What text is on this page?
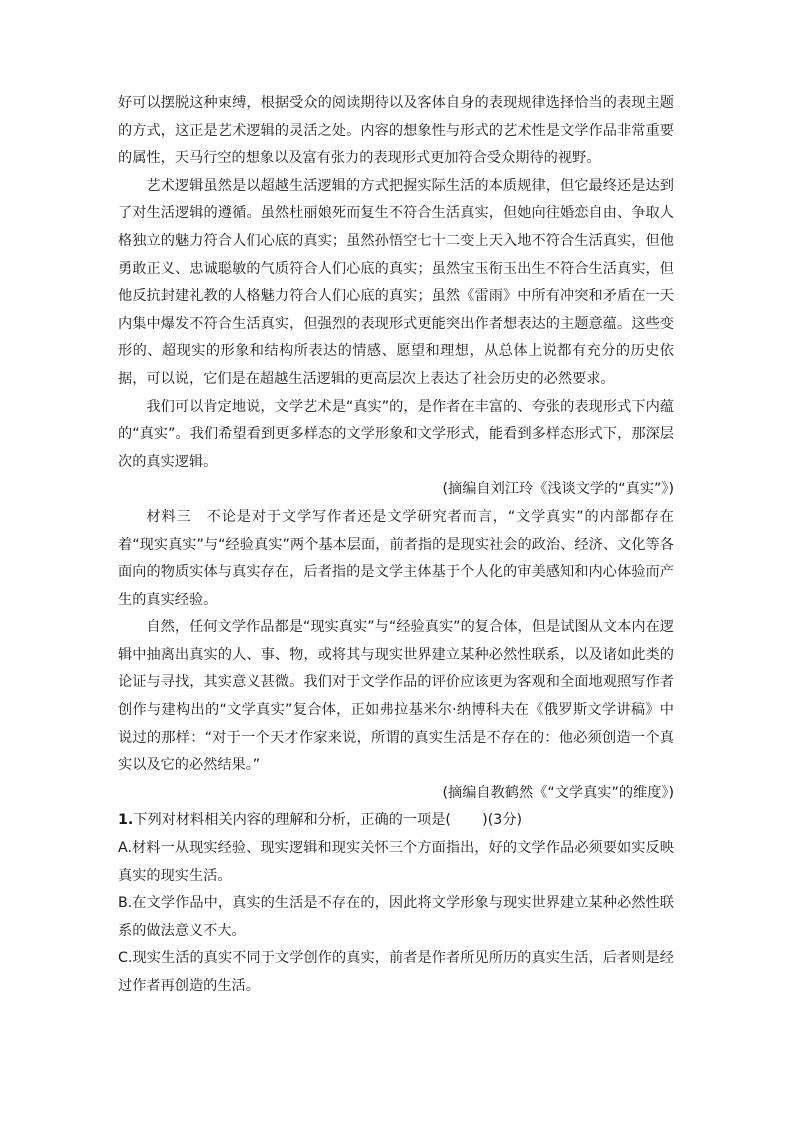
好可以摆脱这种束缚，根据受众的阅读期待以及客体自身的表现规律选择恰当的表现主题的方式，这正是艺术逻辑的灵活之处。内容的想象性与形式的艺术性是文学作品非常重要的属性，天马行空的想象以及富有张力的表现形式更加符合受众期待的视野。

艺术逻辑虽然是以超越生活逻辑的方式把握实际生活的本质规律，但它最终还是达到了对生活逻辑的遵循。虽然杜丽娘死而复生不符合生活真实，但她向往婚恋自由、争取人格独立的魅力符合人们心底的真实；虽然孙悟空七十二变上天入地不符合生活真实，但他勇敢正义、忠诚聪敏的气质符合人们心底的真实；虽然宝玉衔玉出生不符合生活真实，但他反抗封建礼教的人格魅力符合人们心底的真实；虽然《雷雨》中所有冲突和矛盾在一天内集中爆发不符合生活真实，但强烈的表现形式更能突出作者想表达的主题意蕴。这些变形的、超现实的形象和结构所表达的情感、愿望和理想，从总体上说都有充分的历史依据，可以说，它们是在超越生活逻辑的更高层次上表达了社会历史的必然要求。

我们可以肯定地说，文学艺术是“真实”的，是作者在丰富的、夸张的表现形式下内蕴的“真实”。我们希望看到更多样态的文学形象和文学形式，能看到多样态形式下，那深层次的真实逻辑。

(摘编自刘江玲《浅谈文学的“真实”》)

材料三　不论是对于文学写作者还是文学研究者而言，“文学真实”的内部都存在着“现实真实”与“经验真实”两个基本层面，前者指的是现实社会的政治、经济、文化等各面向的物质实体与真实存在，后者指的是文学主体基于个人化的审美感知和内心体验而产生的真实经验。

自然，任何文学作品都是“现实真实”与“经验真实”的复合体，但是试图从文本内在逻辑中抽离出真实的人、事、物，或将其与现实世界建立某种必然性联系，以及诸如此类的论证与寻找，其实意义甚微。我们对于文学作品的评价应该更为客观和全面地观照写作者创作与建构出的“文学真实”复合体，正如弗拉基米尔·纳博科夫在《俄罗斯文学讲稿》中说过的那样：“对于一个天才作家来说，所谓的真实生活是不存在的：他必须创造一个真实以及它的必然结果。”

(摘编自教鹤然《“文学真实”的维度》)

1.下列对材料相关内容的理解和分析，正确的一项是( )(3分)

A.材料一从现实经验、现实逻辑和现实关怀三个方面指出，好的文学作品必须要如实反映真实的现实生活。

B.在文学作品中，真实的生活是不存在的，因此将文学形象与现实世界建立某种必然性联系的做法意义不大。

C.现实生活的真实不同于文学创作的真实，前者是作者所见所历的真实生活，后者则是经过作者再创造的生活。
